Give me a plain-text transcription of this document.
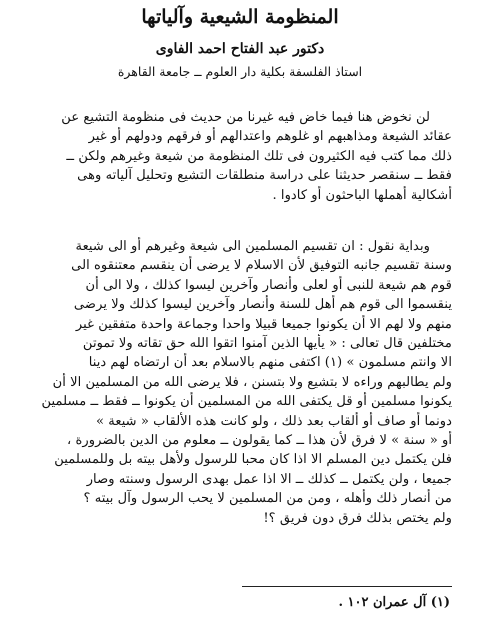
المنظومة الشيعية وآلياتها
دكتور عبد الفتاح احمد الفاوى
استاذ الفلسفة بكلية دار العلوم ــ جامعة القاهرة
لن نخوض هنا فيما خاض فيه غيرنا من حديث فى منظومة التشيع عن
عقائد الشيعة ومذاهبهم او غلوهم واعتدالهم أو فرقهم ودولهم أو غير
ذلك مما كتب فيه الكثيرون فى تلك المنظومة من شيعة وغيرهم ولكن ــ
فقط ــ سنقصر حديثنا على دراسة منطلقات التشيع وتحليل آلياته وهى
أشكالية أهملها الباحثون أو كادوا .
وبداية نقول : ان تقسيم المسلمين الى شيعة وغيرهم أو الى شيعة
وسنة تقسيم جانبه التوفيق لأن الاسلام لا يرضى أن ينقسم معتنقوه الى
قوم هم شيعة للنبى أو لعلى وأنصار وآخرين ليسوا كذلك ، ولا الى أن
ينقسموا الى قوم هم أهل للسنة وأنصار وآخرين ليسوا كذلك ولا يرضى
منهم ولا لهم الا أن يكونوا جميعا قبيلا واحدا وجماعة واحدة متفقين غير
مختلفين قال تعالى : « يأيها الذين آمنوا اتقوا الله حق تقاته ولا تموتن
الا وانتم مسلمون » (١) اكتفى منهم بالاسلام بعد أن ارتضاه لهم دينا
ولم يطالبهم وراءه لا بتشيع ولا بتسنن ، فلا يرضى الله من المسلمين الا أن
يكونوا مسلمين أو قل يكتفى الله من المسلمين أن يكونوا ــ فقط ــ مسلمين
دونما أو صاف أو ألقاب بعد ذلك ، ولو كانت هذه الألقاب « شيعة »
أو « سنة » لا فرق لأن هذا ــ كما يقولون ــ معلوم من الدين بالضرورة ،
فلن يكتمل دين المسلم الا اذا كان محبا للرسول ولأهل بيته بل وللمسلمين
جميعا ، ولن يكتمل ــ كذلك ــ الا اذا عمل بهدى الرسول وسنته وصار
من أنصار ذلك وأهله ، ومن من المسلمين لا يحب الرسول وآل بيته ؟
ولم يختص بذلك فرق دون فريق ؟!
(١) آل عمران ١٠٢ .
